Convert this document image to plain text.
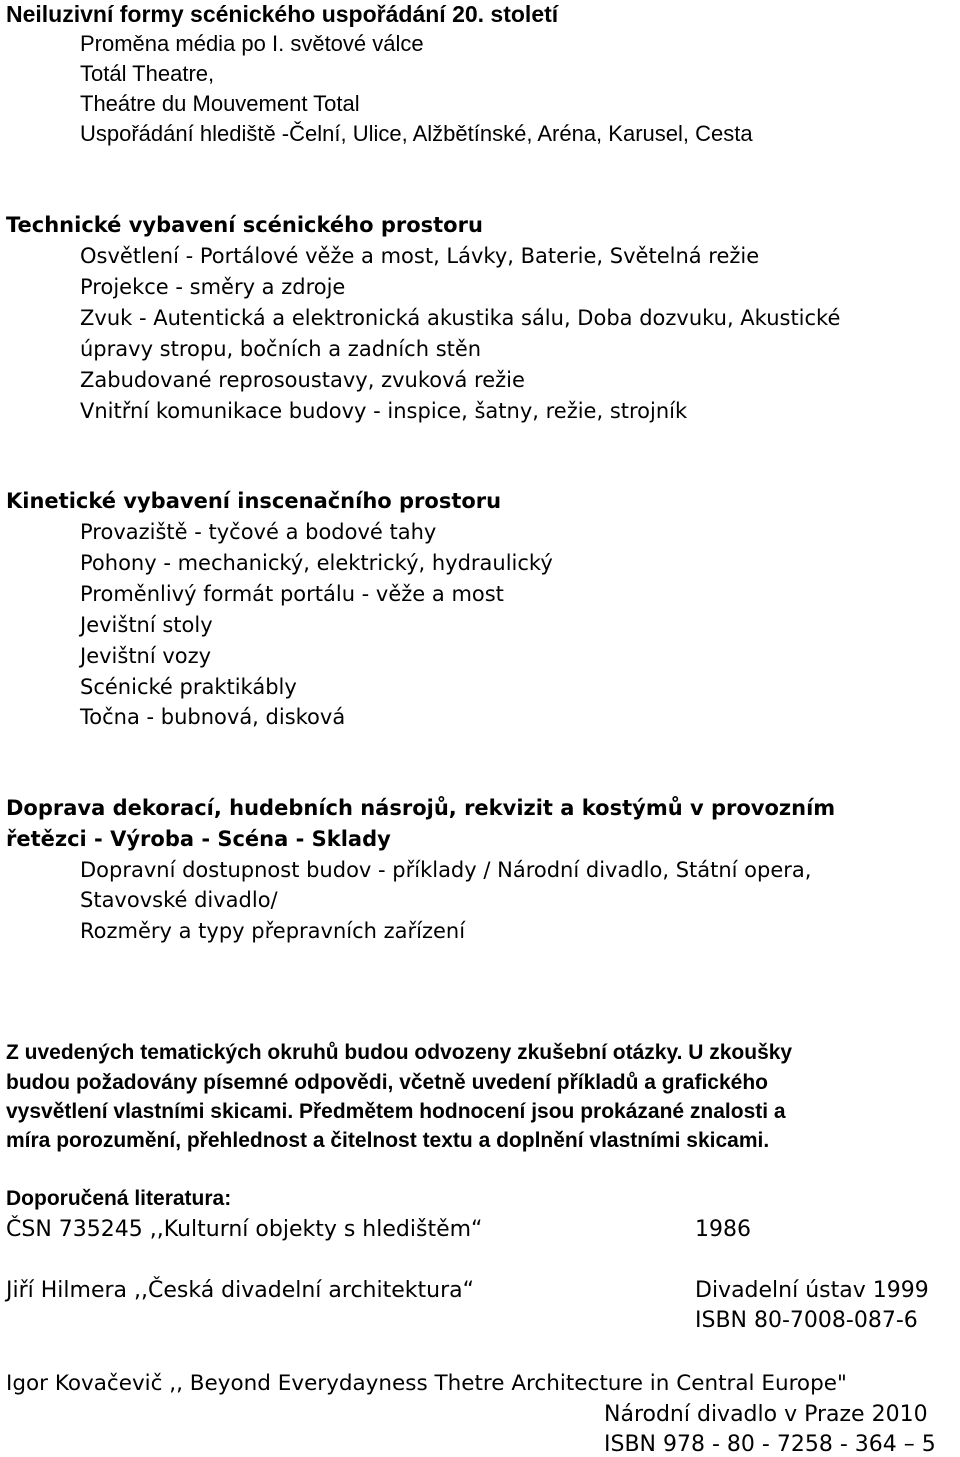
Neiluzivní formy scénického uspořádání 20. století
Proměna média po I. světové válce
Totál Theatre,
Theátre du Mouvement Total
Uspořádání hlediště -Čelní, Ulice, Alžbětínské, Aréna, Karusel, Cesta
Technické vybavení scénického prostoru
Osvětlení - Portálové věže a most, Lávky, Baterie, Světelná režie
Projekce - směry a zdroje
Zvuk - Autentická a elektronická akustika sálu, Doba dozvuku, Akustické
úpravy stropu, bočních a zadních stěn
Zabudované reprosoustavy, zvuková režie
Vnitřní komunikace budovy - inspice, šatny, režie, strojník
Kinetické vybavení inscenačního prostoru
Provaziště - tyčové a bodové tahy
Pohony - mechanický, elektrický, hydraulický
Proměnlivý formát portálu - věže a most
Jevištní stoly
Jevištní vozy
Scénické praktikábly
Točna - bubnová, disková
Doprava dekorací, hudebních násrojů, rekvizit a kostýmů v provozním
řetězci - Výroba - Scéna - Sklady
Dopravní dostupnost budov - příklady / Národní divadlo, Státní opera,
Stavovské divadlo/
Rozměry a typy přepravních zařízení
Z uvedených tematických okruhů budou odvozeny zkušební otázky. U zkoušky
budou požadovány písemné odpovědi, včetně uvedení příkladů a grafického
vysvětlení vlastními skicami. Předmětem hodnocení jsou prokázané znalosti a
míra porozumění, přehlednost a čitelnost textu a doplnění vlastními skicami.
Doporučená literatura:
ČSN 735245 ,,Kulturní objekty s hledištěm“	1986
Jiří Hilmera ,,Česká divadelní architektura“	Divadelní ústav 1999
ISBN 80-7008-087-6
Igor Kovačevič ,, Beyond Everydayness Thetre Architecture in Central Europe"
Národní divadlo v Praze 2010
ISBN 978 - 80 - 7258 - 364 – 5
